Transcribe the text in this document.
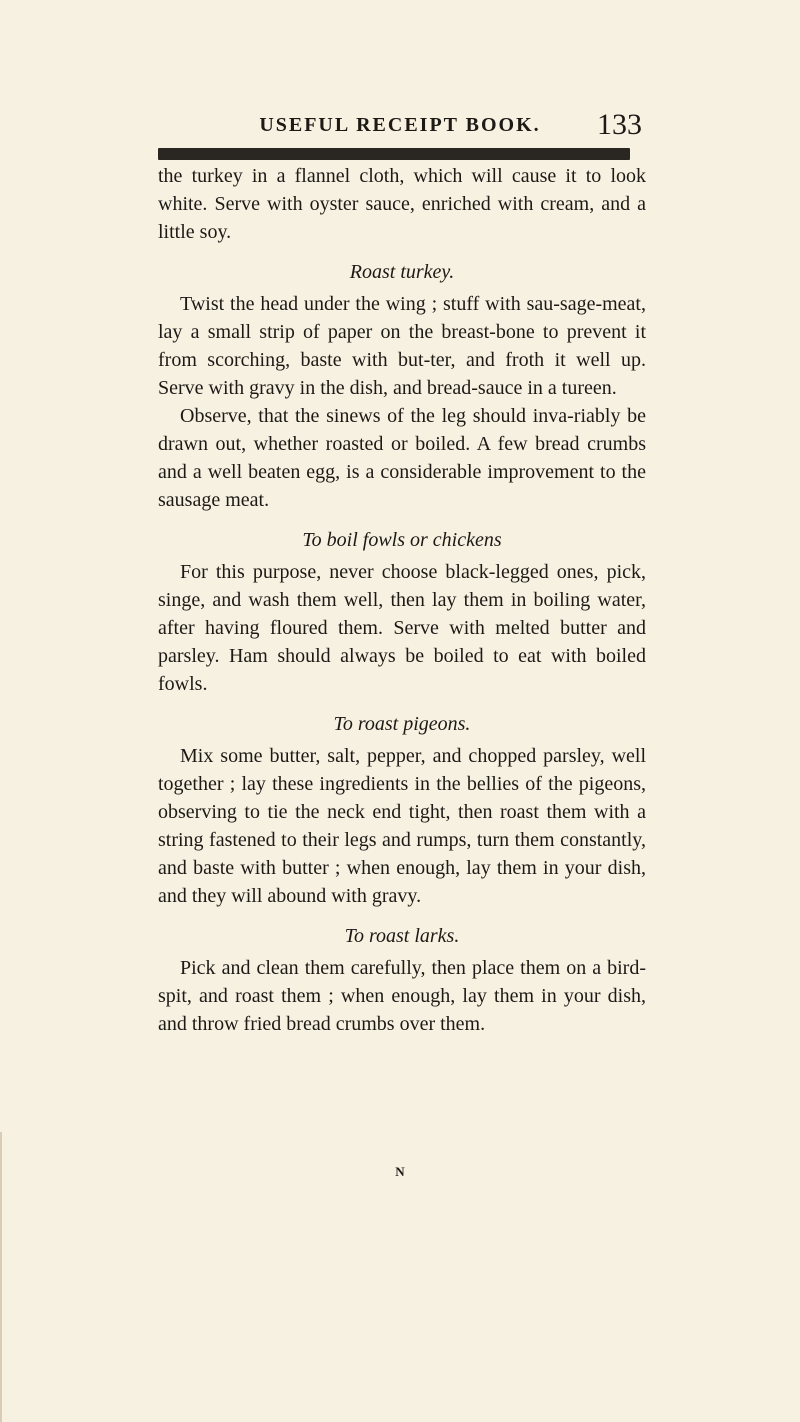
USEFUL RECEIPT BOOK.	133

the turkey in a flannel cloth, which will cause it to look white. Serve with oyster sauce, enriched with cream, and a little soy.

Roast turkey.

Twist the head under the wing ; stuff with sau-sage-meat, lay a small strip of paper on the breast-bone to prevent it from scorching, baste with but-ter, and froth it well up. Serve with gravy in the dish, and bread-sauce in a tureen.

Observe, that the sinews of the leg should inva-riably be drawn out, whether roasted or boiled. A few bread crumbs and a well beaten egg, is a considerable improvement to the sausage meat.

To boil fowls or chickens

For this purpose, never choose black-legged ones, pick, singe, and wash them well, then lay them in boiling water, after having floured them. Serve with melted butter and parsley. Ham should always be boiled to eat with boiled fowls.

To roast pigeons.

Mix some butter, salt, pepper, and chopped parsley, well together ; lay these ingredients in the bellies of the pigeons, observing to tie the neck end tight, then roast them with a string fastened to their legs and rumps, turn them constantly, and baste with butter ; when enough, lay them in your dish, and they will abound with gravy.

To roast larks.

Pick and clean them carefully, then place them on a bird-spit, and roast them ; when enough, lay them in your dish, and throw fried bread crumbs over them.

N
